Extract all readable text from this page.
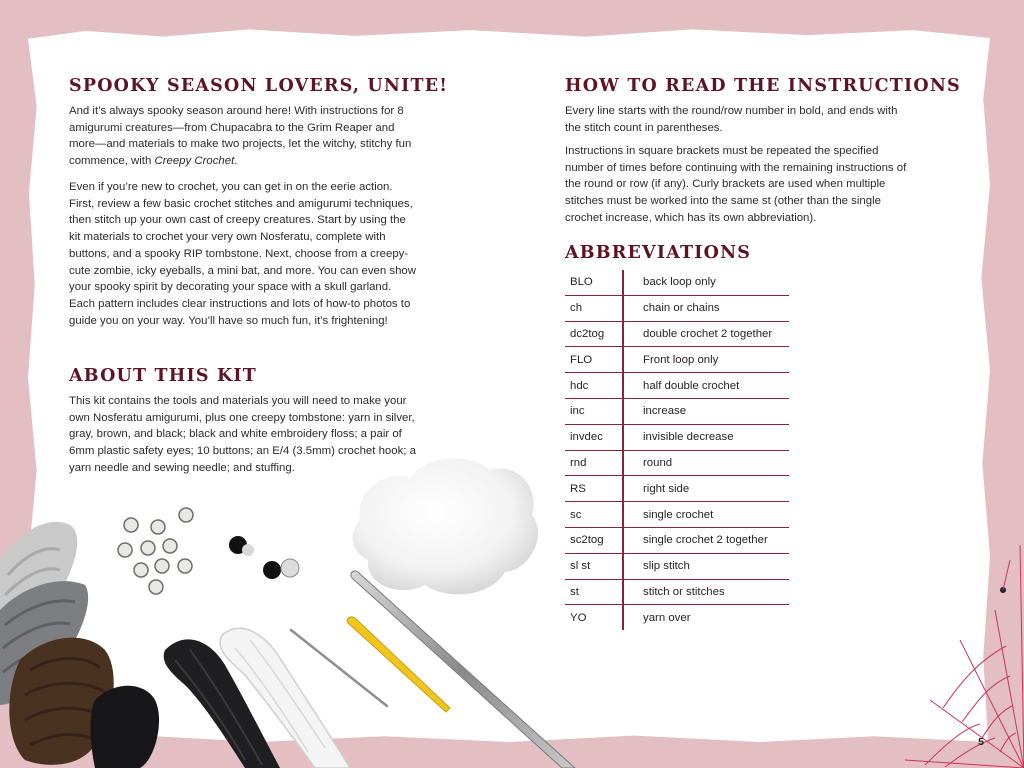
SPOOKY SEASON LOVERS, UNITE!

And it’s always spooky season around here! With instructions for 8 amigurumi creatures—from Chupacabra to the Grim Reaper and more—and materials to make two projects, let the witchy, stitchy fun commence, with Creepy Crochet.

Even if you’re new to crochet, you can get in on the eerie action. First, review a few basic crochet stitches and amigurumi techniques, then stitch up your own cast of creepy creatures. Start by using the kit materials to crochet your very own Nosferatu, complete with buttons, and a spooky RIP tombstone. Next, choose from a creepy-cute zombie, icky eyeballs, a mini bat, and more. You can even show your spooky spirit by decorating your space with a skull garland. Each pattern includes clear instructions and lots of how-to photos to guide you on your way. You’ll have so much fun, it’s frightening!

ABOUT THIS KIT

This kit contains the tools and materials you will need to make your own Nosferatu amigurumi, plus one creepy tombstone: yarn in silver, gray, brown, and black; black and white embroidery floss; a pair of 6mm plastic safety eyes; 10 buttons; an E/4 (3.5mm) crochet hook; a yarn needle and sewing needle; and stuffing.

HOW TO READ THE INSTRUCTIONS

Every line starts with the round/row number in bold, and ends with the stitch count in parentheses.

Instructions in square brackets must be repeated the specified number of times before continuing with the remaining instructions of the round or row (if any). Curly brackets are used when multiple stitches must be worked into the same st (other than the single crochet increase, which has its own abbreviation).

ABBREVIATIONS
BLO	back loop only
ch	chain or chains
dc2tog	double crochet 2 together
FLO	Front loop only
hdc	half double crochet
inc	increase
invdec	invisible decrease
rnd	round
RS	right side
sc	single crochet
sc2tog	single crochet 2 together
sl st	slip stitch
st	stitch or stitches
YO	yarn over
5
